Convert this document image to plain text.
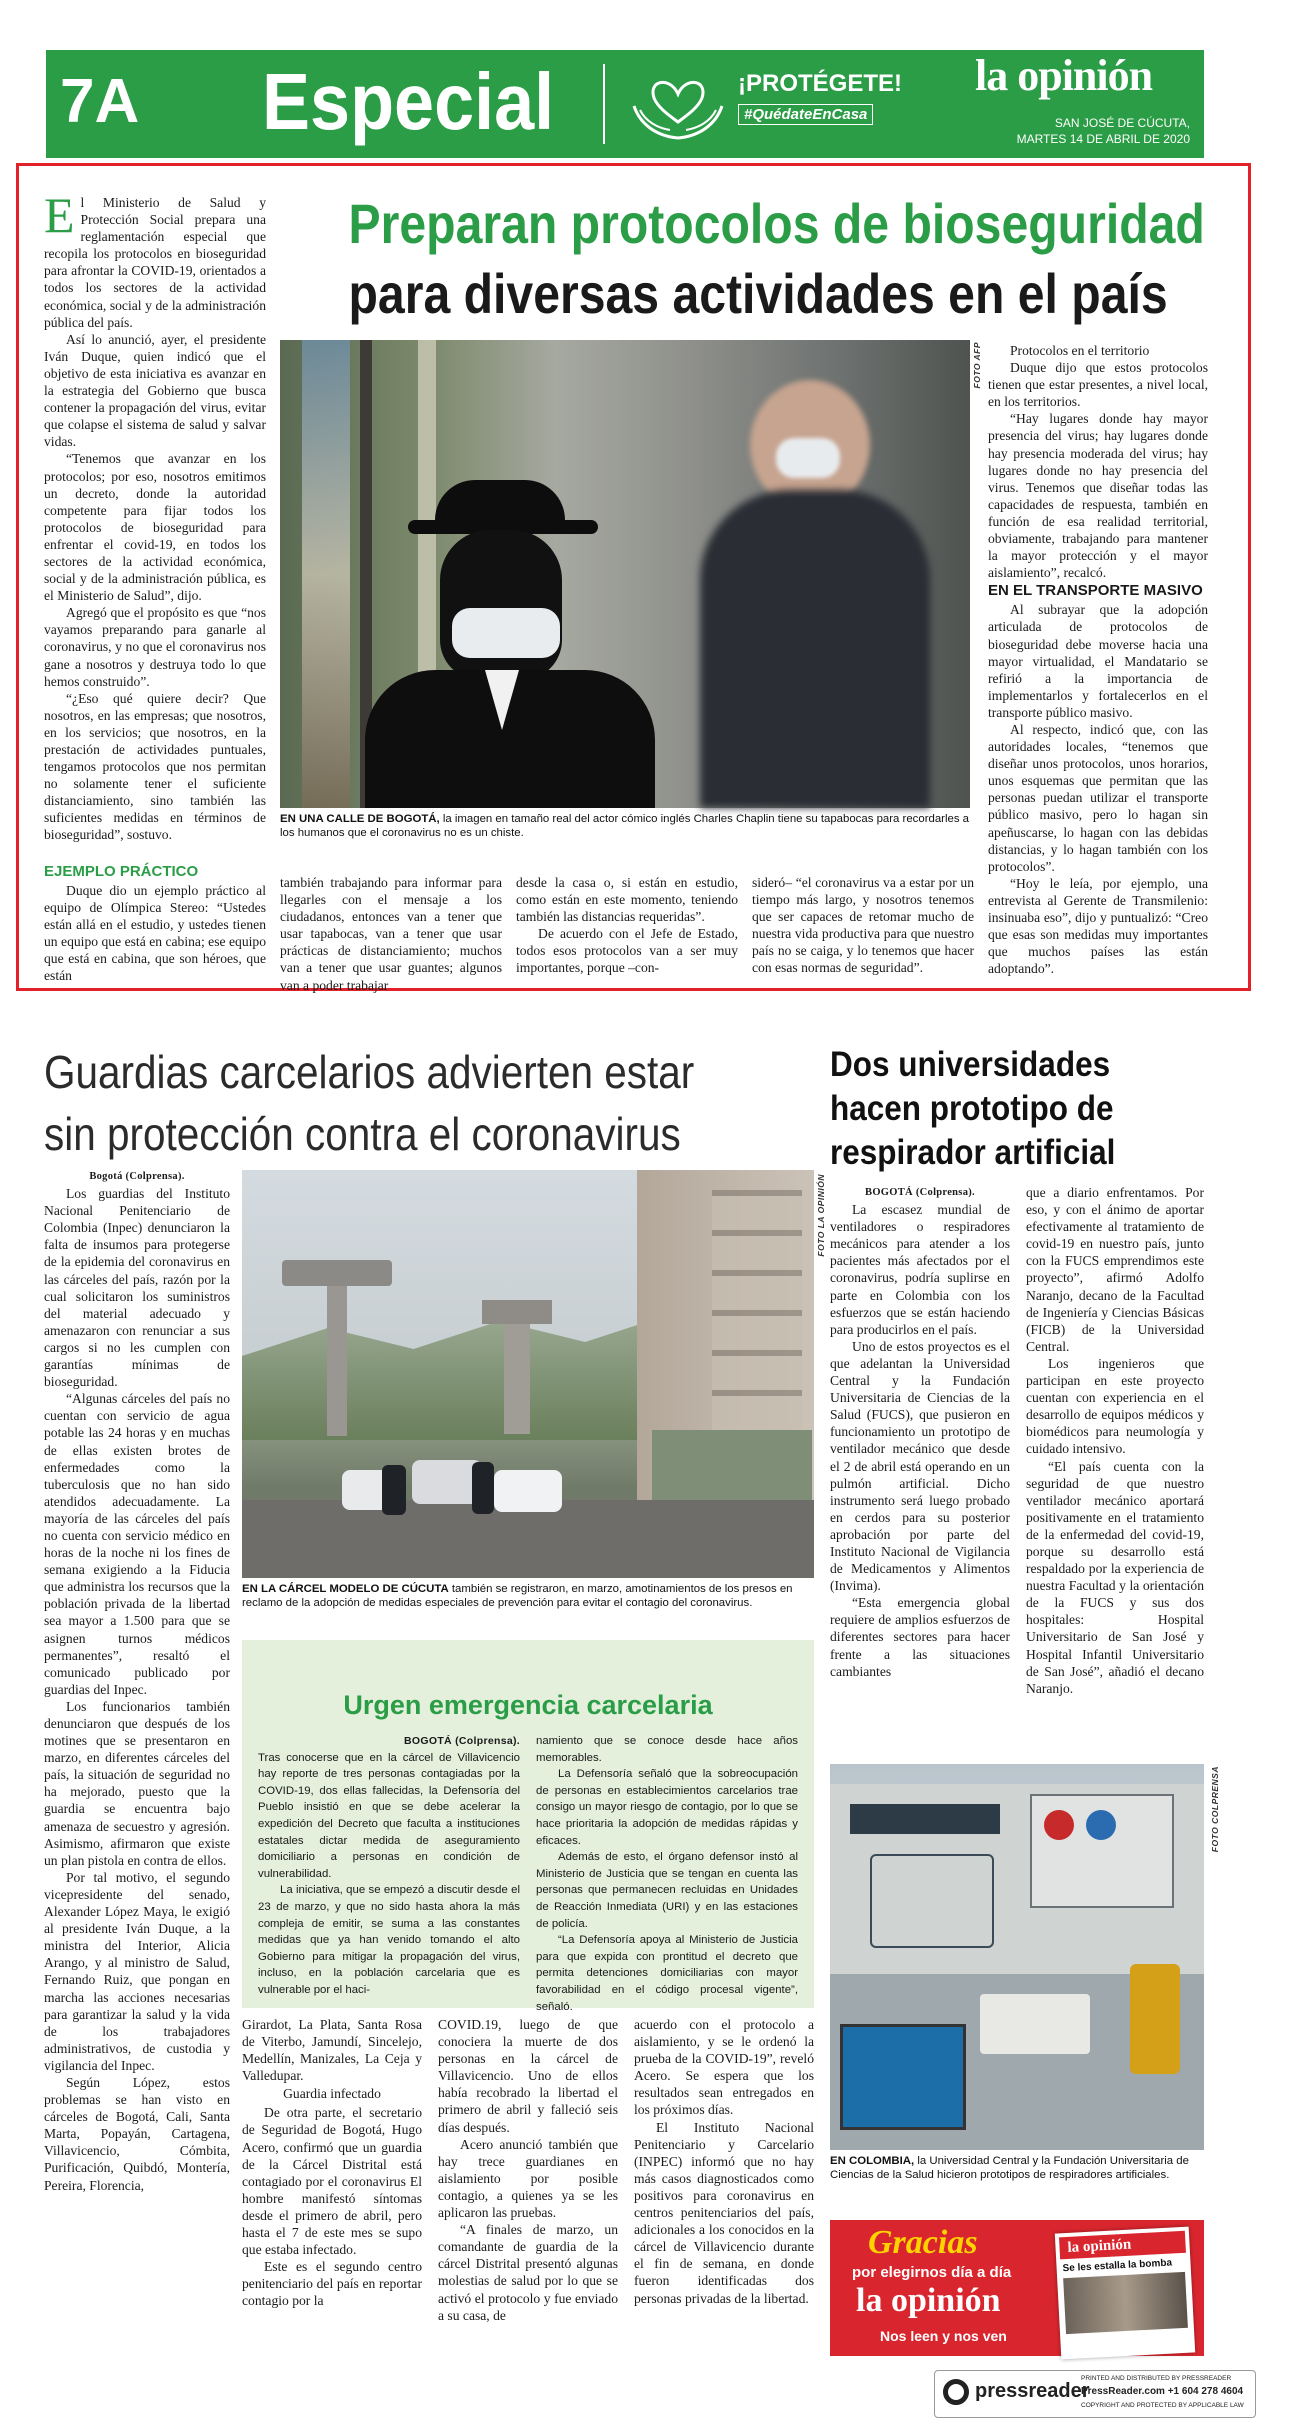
7A Especial	¡PROTÉGETE!
#QuédateEnCasa
la opinión
SAN JOSÉ DE CÚCUTA,
MARTES 14 DE ABRIL DE 2020
Preparan protocolos de bioseguridad
para diversas actividades en el país

El Ministerio de Salud y Protección Social prepara una reglamentación especial que recopila los protocolos en bioseguridad para afrontar la COVID-19, orientados a todos los sectores de la actividad económica, social y de la administración pública del país.

Así lo anunció, ayer, el presidente Iván Duque, quien indicó que el objetivo de esta iniciativa es avanzar en la estrategia del Gobierno que busca contener la propagación del virus, evitar que colapse el sistema de salud y salvar vidas.

“Tenemos que avanzar en los protocolos; por eso, nosotros emitimos un decreto, donde la autoridad competente para fijar todos los protocolos de bioseguridad para enfrentar el covid-19, en todos los sectores de la actividad económica, social y de la administración pública, es el Ministerio de Salud”, dijo.

Agregó que el propósito es que “nos vayamos preparando para ganarle al coronavirus, y no que el coronavirus nos gane a nosotros y destruya todo lo que hemos construido”.

“¿Eso qué quiere decir? Que nosotros, en las empresas; que nosotros, en los servicios; que nosotros, en la prestación de actividades puntuales, tengamos protocolos que nos permitan no solamente tener el suficiente distanciamiento, sino también las suficientes medidas en términos de bioseguridad”, sostuvo.

EJEMPLO PRÁCTICO

Duque dio un ejemplo práctico al equipo de Olímpica Stereo: “Ustedes están allá en el estudio, y ustedes tienen un equipo que está en cabina; ese equipo que está en cabina, que son héroes, que están

FOTO AFP
EN UNA CALLE DE BOGOTÁ, la imagen en tamaño real del actor cómico inglés Charles Chaplin tiene su tapabocas para recordarles a los humanos que el coronavirus no es un chiste.

también trabajando para informar para llegarles con el mensaje a los ciudadanos, entonces van a tener que usar tapabocas, van a tener que usar prácticas de distanciamiento; muchos van a tener que usar guantes; algunos van a poder trabajar

desde la casa o, si están en estudio, como están en este momento, teniendo también las distancias requeridas”.

De acuerdo con el Jefe de Estado, todos esos protocolos van a ser muy importantes, porque –con-

sideró– “el coronavirus va a estar por un tiempo más largo, y nosotros tenemos que ser capaces de retomar mucho de nuestra vida productiva para que nuestro país no se caiga, y lo tenemos que hacer con esas normas de seguridad”.

Protocolos en el territorio

Duque dijo que estos protocolos tienen que estar presentes, a nivel local, en los territorios.

“Hay lugares donde hay mayor presencia del virus; hay lugares donde hay presencia moderada del virus; hay lugares donde no hay presencia del virus. Tenemos que diseñar todas las capacidades de respuesta, también en función de esa realidad territorial, obviamente, trabajando para mantener la mayor protección y el mayor aislamiento”, recalcó.

EN EL TRANSPORTE MASIVO

Al subrayar que la adopción articulada de protocolos de bioseguridad debe moverse hacia una mayor virtualidad, el Mandatario se refirió a la importancia de implementarlos y fortalecerlos en el transporte público masivo.

Al respecto, indicó que, con las autoridades locales, “tenemos que diseñar unos protocolos, unos horarios, unos esquemas que permitan que las personas puedan utilizar el transporte público masivo, pero lo hagan sin apeñuscarse, lo hagan con las debidas distancias, y lo hagan también con los protocolos”.

“Hoy le leía, por ejemplo, una entrevista al Gerente de Transmilenio: insinuaba eso”, dijo y puntualizó: “Creo que esas son medidas muy importantes que muchos países las están adoptando”.

Guardias carcelarios advierten estar
sin protección contra el coronavirus

Bogotá (Colprensa).

Los guardias del Instituto Nacional Penitenciario de Colombia (Inpec) denunciaron la falta de insumos para protegerse de la epidemia del coronavirus en las cárceles del país, razón por la cual solicitaron los suministros del material adecuado y amenazaron con renunciar a sus cargos si no les cumplen con garantías mínimas de bioseguridad.

“Algunas cárceles del país no cuentan con servicio de agua potable las 24 horas y en muchas de ellas existen brotes de enfermedades como la tuberculosis que no han sido atendidos adecuadamente. La mayoría de las cárceles del país no cuenta con servicio médico en horas de la noche ni los fines de semana exigiendo a la Fiducia que administra los recursos que la población privada de la libertad sea mayor a 1.500 para que se asignen turnos médicos permanentes”, resaltó el comunicado publicado por guardias del Inpec.

Los funcionarios también denunciaron que después de los motines que se presentaron en marzo, en diferentes cárceles del país, la situación de seguridad no ha mejorado, puesto que la guardia se encuentra bajo amenaza de secuestro y agresión. Asimismo, afirmaron que existe un plan pistola en contra de ellos.

Por tal motivo, el segundo vicepresidente del senado, Alexander López Maya, le exigió al presidente Iván Duque, a la ministra del Interior, Alicia Arango, y al ministro de Salud, Fernando Ruiz, que pongan en marcha las acciones necesarias para garantizar la salud y la vida de los trabajadores administrativos, de custodia y vigilancia del Inpec.

Según López, estos problemas se han visto en cárceles de Bogotá, Cali, Santa Marta, Popayán, Cartagena, Villavicencio, Cómbita, Purificación, Quibdó, Montería, Pereira, Florencia,

FOTO LA OPINIÓN
EN LA CÁRCEL MODELO DE CÚCUTA también se registraron, en marzo, amotinamientos de los presos en reclamo de la adopción de medidas especiales de prevención para evitar el contagio del coronavirus.
Urgen emergencia carcelaria

BOGOTÁ (Colprensa).

Tras conocerse que en la cárcel de Villavicencio hay reporte de tres personas contagiadas por la COVID-19, dos ellas fallecidas, la Defensoría del Pueblo insistió en que se debe acelerar la expedición del Decreto que faculta a instituciones estatales dictar medida de aseguramiento domiciliario a personas en condición de vulnerabilidad.

La iniciativa, que se empezó a discutir desde el 23 de marzo, y que no sido hasta ahora la más compleja de emitir, se suma a las constantes medidas que ya han venido tomando el alto Gobierno para mitigar la propagación del virus, incluso, en la población carcelaria que es vulnerable por el haci-

namiento que se conoce desde hace años memorables.

La Defensoría señaló que la sobreocupación de personas en establecimientos carcelarios trae consigo un mayor riesgo de contagio, por lo que se hace prioritaria la adopción de medidas rápidas y eficaces.

Además de esto, el órgano defensor instó al Ministerio de Justicia que se tengan en cuenta las personas que permanecen recluidas en Unidades de Reacción Inmediata (URI) y en las estaciones de policía.

“La Defensoría apoya al Ministerio de Justicia para que expida con prontitud el decreto que permita detenciones domiciliarias con mayor favorabilidad en el código procesal vigente”, señaló.

Girardot, La Plata, Santa Rosa de Viterbo, Jamundí, Sincelejo, Medellín, Manizales, La Ceja y Valledupar.

Guardia infectado

De otra parte, el secretario de Seguridad de Bogotá, Hugo Acero, confirmó que un guardia de la Cárcel Distrital está contagiado por el coronavirus El hombre manifestó síntomas desde el primero de abril, pero hasta el 7 de este mes se supo que estaba infectado.

Este es el segundo centro penitenciario del país en reportar contagio por la

COVID.19, luego de que conociera la muerte de dos personas en la cárcel de Villavicencio. Uno de ellos había recobrado la libertad el primero de abril y falleció seis días después.

Acero anunció también que hay trece guardianes en aislamiento por posible contagio, a quienes ya se les aplicaron las pruebas.

“A finales de marzo, un comandante de guardia de la cárcel Distrital presentó algunas molestias de salud por lo que se activó el protocolo y fue enviado a su casa, de

acuerdo con el protocolo a aislamiento, y se le ordenó la prueba de la COVID-19”, reveló Acero. Se espera que los resultados sean entregados en los próximos días.

El Instituto Nacional Penitenciario y Carcelario (INPEC) informó que no hay más casos diagnosticados como positivos para coronavirus en centros penitenciarios del país, adicionales a los conocidos en la cárcel de Villavicencio durante el fin de semana, en donde fueron identificadas dos personas privadas de la libertad.

Dos universidades
hacen prototipo de
respirador artificial

BOGOTÁ (Colprensa).

La escasez mundial de ventiladores o respiradores mecánicos para atender a los pacientes más afectados por el coronavirus, podría suplirse en parte en Colombia con los esfuerzos que se están haciendo para producirlos en el país.

Uno de estos proyectos es el que adelantan la Universidad Central y la Fundación Universitaria de Ciencias de la Salud (FUCS), que pusieron en funcionamiento un prototipo de ventilador mecánico que desde el 2 de abril está operando en un pulmón artificial. Dicho instrumento será luego probado en cerdos para su posterior aprobación por parte del Instituto Nacional de Vigilancia de Medicamentos y Alimentos (Invima).

“Esta emergencia global requiere de amplios esfuerzos de diferentes sectores para hacer frente a las situaciones cambiantes

que a diario enfrentamos. Por eso, y con el ánimo de aportar efectivamente al tratamiento de covid-19 en nuestro país, junto con la FUCS emprendimos este proyecto”, afirmó Adolfo Naranjo, decano de la Facultad de Ingeniería y Ciencias Básicas (FICB) de la Universidad Central.

Los ingenieros que participan en este proyecto cuentan con experiencia en el desarrollo de equipos médicos y biomédicos para neumología y cuidado intensivo.

“El país cuenta con la seguridad de que nuestro ventilador mecánico aportará positivamente en el tratamiento de la enfermedad del covid-19, porque su desarrollo está respaldado por la experiencia de nuestra Facultad y la orientación de la FUCS y sus dos hospitales: Hospital Universitario de San José y Hospital Infantil Universitario de San José”, añadió el decano Naranjo.

FOTO COLPRENSA
EN COLOMBIA, la Universidad Central y la Fundación Universitaria de Ciencias de la Salud hicieron prototipos de respiradores artificiales.
Gracias
por elegirnos día a día
la opinión
Nos leen y nos ven
la opinión
Se les estalla la bomba
pressreader
PRINTED AND DISTRIBUTED BY PRESSREADER
PressReader.com +1 604 278 4604
COPYRIGHT AND PROTECTED BY APPLICABLE LAW
